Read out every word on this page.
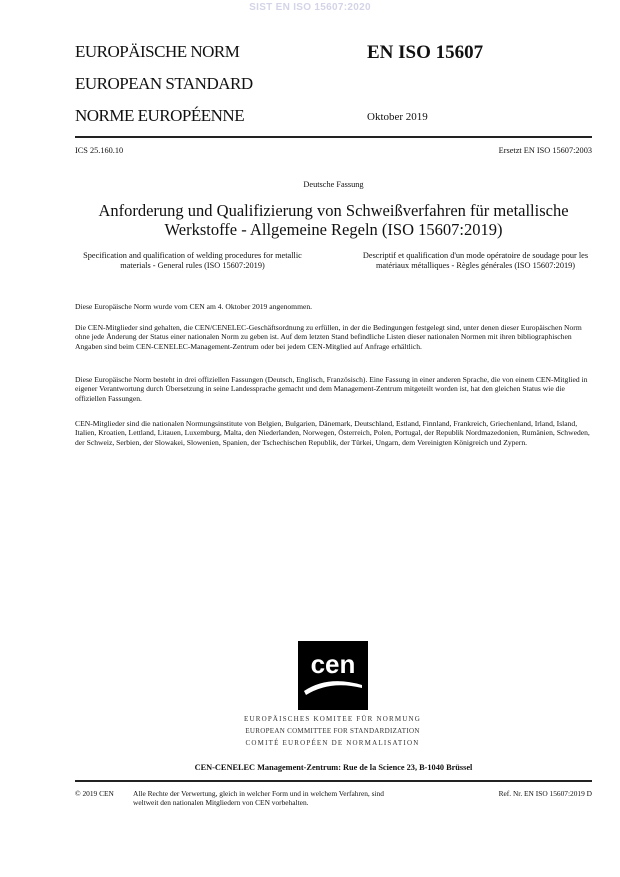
SIST EN ISO 15607:2020
EUROPÄISCHE NORM
EUROPEAN STANDARD
NORME EUROPÉENNE
EN ISO 15607
Oktober 2019
ICS 25.160.10	Ersetzt EN ISO 15607:2003
Deutsche Fassung
Anforderung und Qualifizierung von Schweißverfahren für metallische Werkstoffe - Allgemeine Regeln (ISO 15607:2019)
Specification and qualification of welding procedures for metallic materials - General rules (ISO 15607:2019)
Descriptif et qualification d'un mode opératoire de soudage pour les matériaux métalliques - Règles générales (ISO 15607:2019)
Diese Europäische Norm wurde vom CEN am 4. Oktober 2019 angenommen.
Die CEN-Mitglieder sind gehalten, die CEN/CENELEC-Geschäftsordnung zu erfüllen, in der die Bedingungen festgelegt sind, unter denen dieser Europäischen Norm ohne jede Änderung der Status einer nationalen Norm zu geben ist. Auf dem letzten Stand befindliche Listen dieser nationalen Normen mit ihren bibliographischen Angaben sind beim CEN-CENELEC-Management-Zentrum oder bei jedem CEN-Mitglied auf Anfrage erhältlich.
Diese Europäische Norm besteht in drei offiziellen Fassungen (Deutsch, Englisch, Französisch). Eine Fassung in einer anderen Sprache, die von einem CEN-Mitglied in eigener Verantwortung durch Übersetzung in seine Landessprache gemacht und dem Management-Zentrum mitgeteilt worden ist, hat den gleichen Status wie die offiziellen Fassungen.
CEN-Mitglieder sind die nationalen Normungsinstitute von Belgien, Bulgarien, Dänemark, Deutschland, Estland, Finnland, Frankreich, Griechenland, Irland, Island, Italien, Kroatien, Lettland, Litauen, Luxemburg, Malta, den Niederlanden, Norwegen, Österreich, Polen, Portugal, der Republik Nordmazedonien, Rumänien, Schweden, der Schweiz, Serbien, der Slowakei, Slowenien, Spanien, der Tschechischen Republik, der Türkei, Ungarn, dem Vereinigten Königreich und Zypern.
cen
EUROPÄISCHES KOMITEE FÜR NORMUNG
EUROPEAN COMMITTEE FOR STANDARDIZATION
COMITÉ EUROPÉEN DE NORMALISATION
CEN-CENELEC Management-Zentrum: Rue de la Science 23, B-1040 Brüssel
© 2019 CEN	Alle Rechte der Verwertung, gleich in welcher Form und in welchem Verfahren, sind weltweit den nationalen Mitgliedern von CEN vorbehalten.
Ref. Nr. EN ISO 15607:2019 D
